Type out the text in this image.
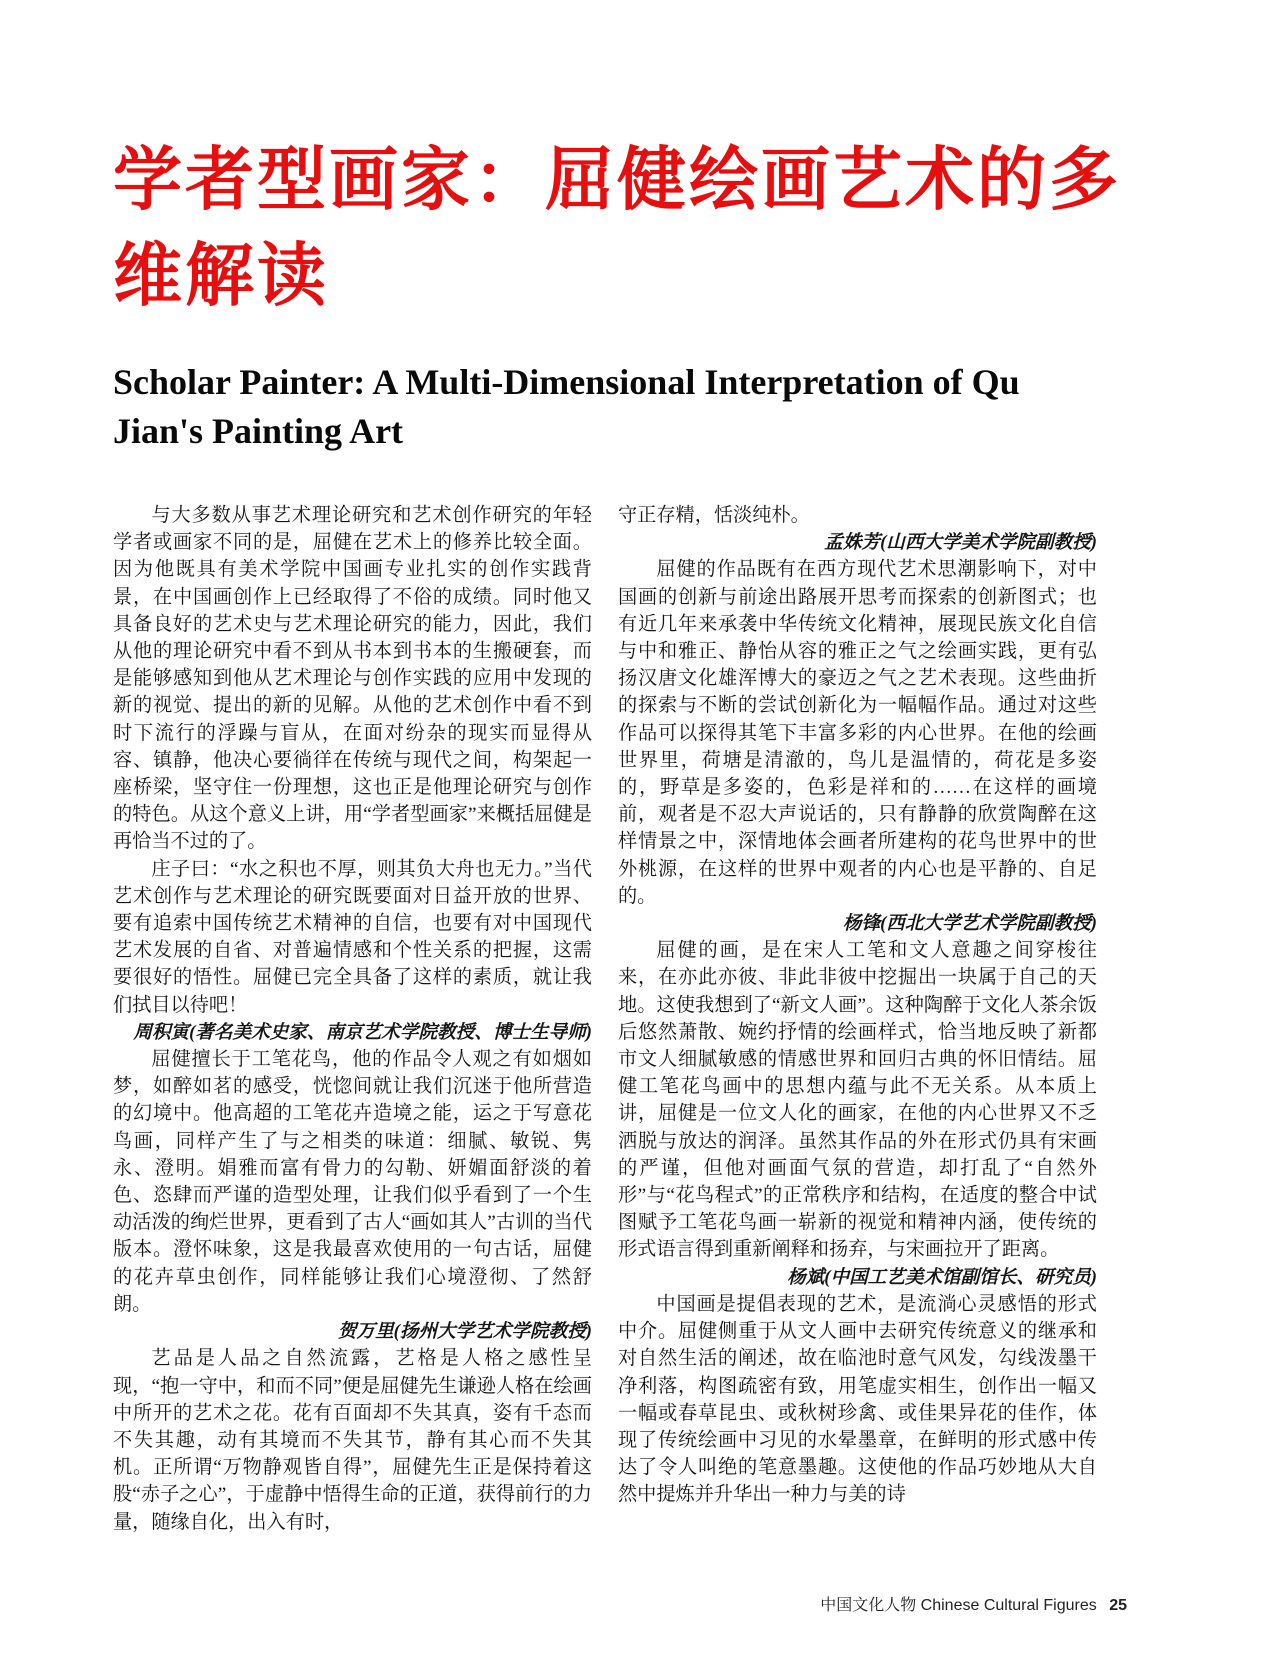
学者型画家：屈健绘画艺术的多维解读
Scholar Painter: A Multi-Dimensional Interpretation of Qu Jian's Painting Art

与大多数从事艺术理论研究和艺术创作研究的年轻学者或画家不同的是，屈健在艺术上的修养比较全面。因为他既具有美术学院中国画专业扎实的创作实践背景，在中国画创作上已经取得了不俗的成绩。同时他又具备良好的艺术史与艺术理论研究的能力，因此，我们从他的理论研究中看不到从书本到书本的生搬硬套，而是能够感知到他从艺术理论与创作实践的应用中发现的新的视觉、提出的新的见解。从他的艺术创作中看不到时下流行的浮躁与盲从，在面对纷杂的现实而显得从容、镇静，他决心要徜徉在传统与现代之间，构架起一座桥梁，坚守住一份理想，这也正是他理论研究与创作的特色。从这个意义上讲，用“学者型画家”来概括屈健是再恰当不过的了。

庄子曰：“水之积也不厚，则其负大舟也无力。”当代艺术创作与艺术理论的研究既要面对日益开放的世界、要有追索中国传统艺术精神的自信，也要有对中国现代艺术发展的自省、对普遍情感和个性关系的把握，这需要很好的悟性。屈健已完全具备了这样的素质，就让我们拭目以待吧！

周积寅(著名美术史家、南京艺术学院教授、博士生导师)

屈健擅长于工笔花鸟，他的作品令人观之有如烟如梦，如醉如茗的感受，恍惚间就让我们沉迷于他所营造的幻境中。他高超的工笔花卉造境之能，运之于写意花鸟画，同样产生了与之相类的味道：细腻、敏锐、隽永、澄明。娟雅而富有骨力的勾勒、妍媚面舒淡的着色、恣肆而严谨的造型处理，让我们似乎看到了一个生动活泼的绚烂世界，更看到了古人“画如其人”古训的当代版本。澄怀味象，这是我最喜欢使用的一句古话，屈健的花卉草虫创作，同样能够让我们心境澄彻、了然舒朗。

贺万里(扬州大学艺术学院教授)

艺品是人品之自然流露，艺格是人格之感性呈现，“抱一守中，和而不同”便是屈健先生谦逊人格在绘画中所开的艺术之花。花有百面却不失其真，姿有千态而不失其趣，动有其境而不失其节，静有其心而不失其机。正所谓“万物静观皆自得”，屈健先生正是保持着这股“赤子之心”，于虚静中悟得生命的正道，获得前行的力量，随缘自化，出入有时，

守正存精，恬淡纯朴。

孟姝芳(山西大学美术学院副教授)

屈健的作品既有在西方现代艺术思潮影响下，对中国画的创新与前途出路展开思考而探索的创新图式；也有近几年来承袭中华传统文化精神，展现民族文化自信与中和雅正、静怡从容的雅正之气之绘画实践，更有弘扬汉唐文化雄浑博大的豪迈之气之艺术表现。这些曲折的探索与不断的尝试创新化为一幅幅作品。通过对这些作品可以探得其笔下丰富多彩的内心世界。在他的绘画世界里，荷塘是清澈的，鸟儿是温情的，荷花是多姿的，野草是多姿的，色彩是祥和的……在这样的画境前，观者是不忍大声说话的，只有静静的欣赏陶醉在这样情景之中，深情地体会画者所建构的花鸟世界中的世外桃源，在这样的世界中观者的内心也是平静的、自足的。

杨锋(西北大学艺术学院副教授)

屈健的画，是在宋人工笔和文人意趣之间穿梭往来，在亦此亦彼、非此非彼中挖掘出一块属于自己的天地。这使我想到了“新文人画”。这种陶醉于文化人茶余饭后悠然萧散、婉约抒情的绘画样式，恰当地反映了新都市文人细腻敏感的情感世界和回归古典的怀旧情结。屈健工笔花鸟画中的思想内蕴与此不无关系。从本质上讲，屈健是一位文人化的画家，在他的内心世界又不乏洒脱与放达的润泽。虽然其作品的外在形式仍具有宋画的严谨，但他对画面气氛的营造，却打乱了“自然外形”与“花鸟程式”的正常秩序和结构，在适度的整合中试图赋予工笔花鸟画一崭新的视觉和精神内涵，使传统的形式语言得到重新阐释和扬弃，与宋画拉开了距离。

杨斌(中国工艺美术馆副馆长、研究员)

中国画是提倡表现的艺术，是流淌心灵感悟的形式中介。屈健侧重于从文人画中去研究传统意义的继承和对自然生活的阐述，故在临池时意气风发，勾线泼墨干净利落，构图疏密有致，用笔虚实相生，创作出一幅又一幅或春草昆虫、或秋树珍禽、或佳果异花的佳作，体现了传统绘画中习见的水晕墨章，在鲜明的形式感中传达了令人叫绝的笔意墨趣。这使他的作品巧妙地从大自然中提炼并升华出一种力与美的诗

中国文化人物 Chinese Cultural Figures 25
